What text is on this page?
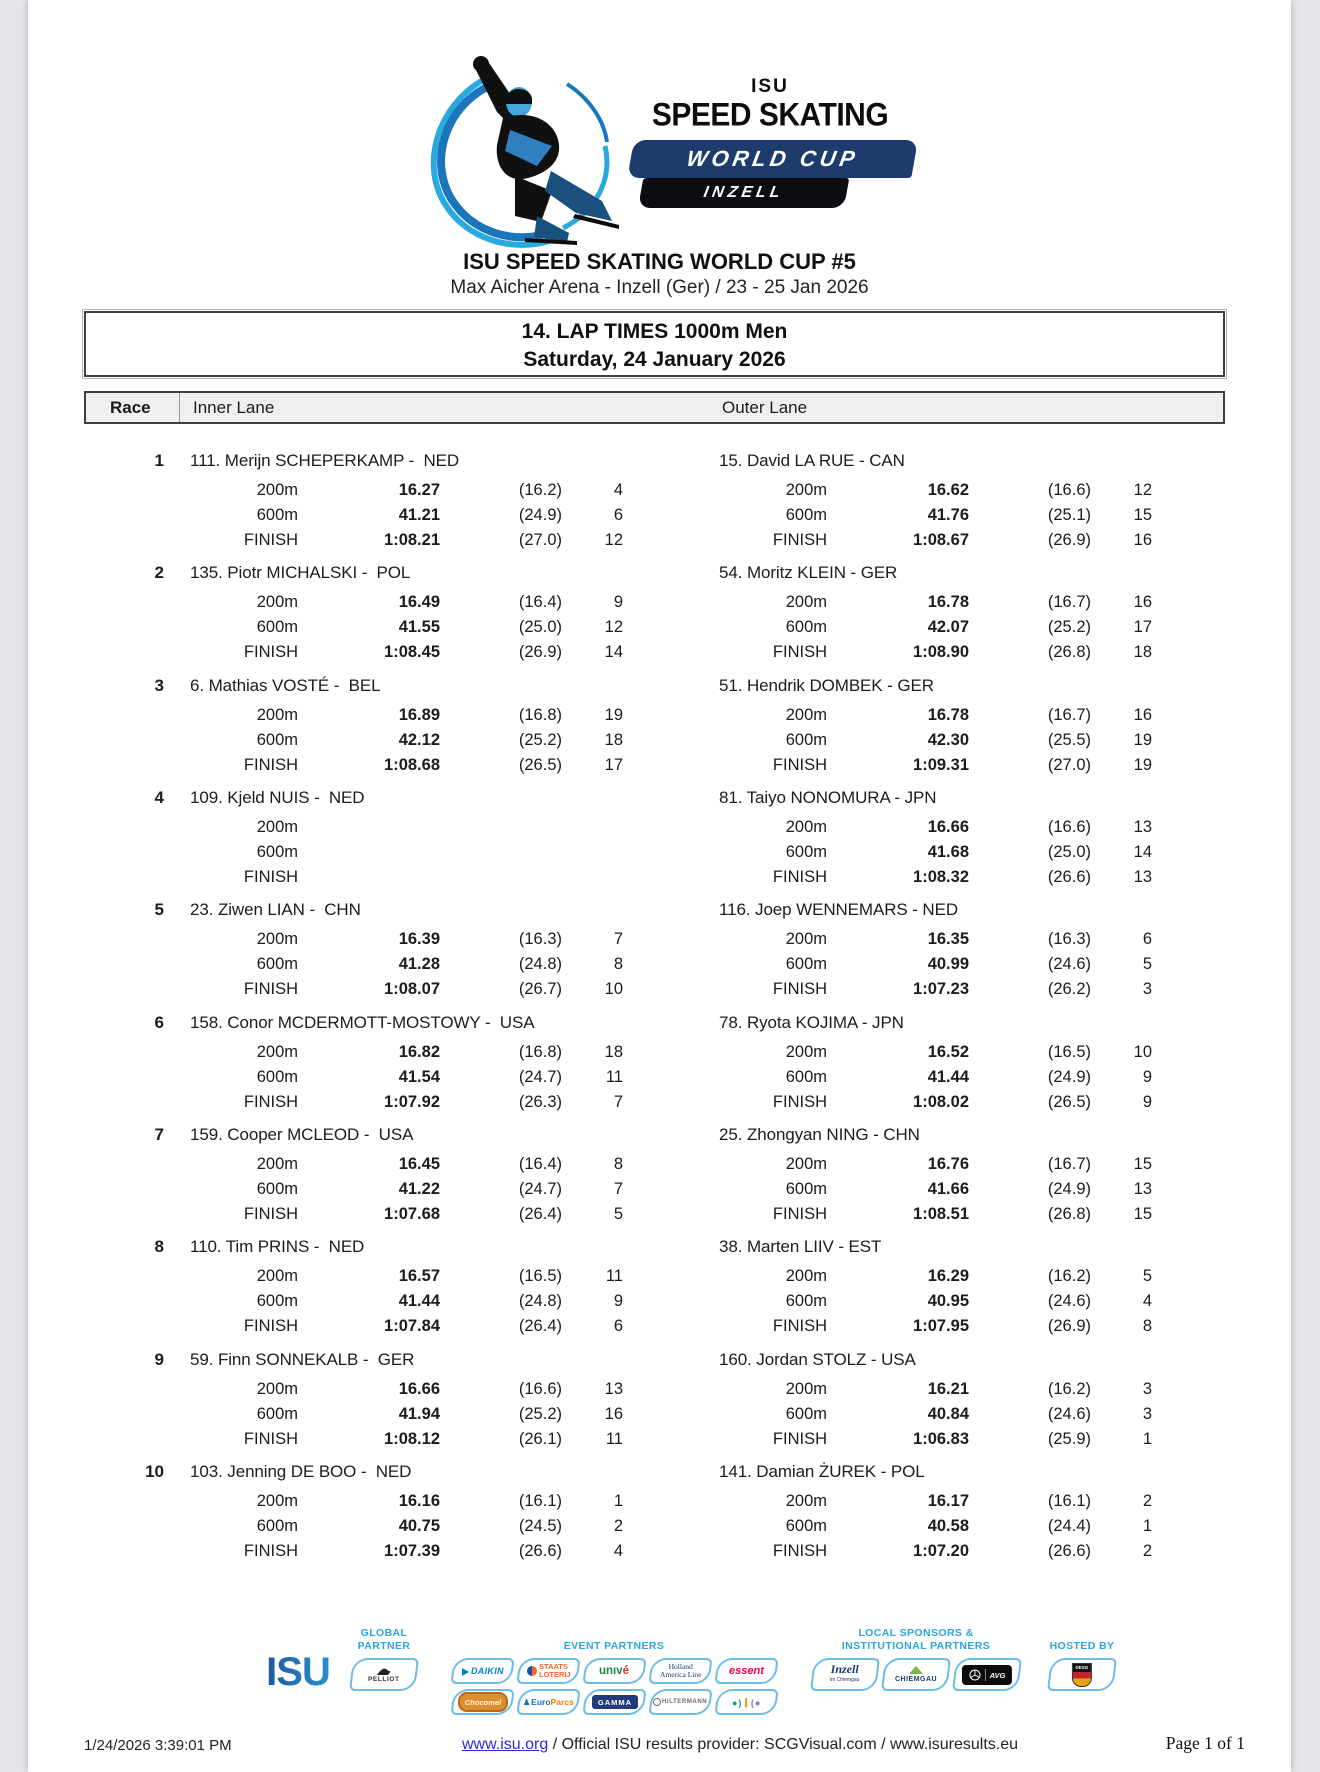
ISU
SPEED SKATING
WORLD CUP
INZELL
ISU SPEED SKATING WORLD CUP #5
Max Aicher Arena - Inzell (Ger) / 23 - 25 Jan 2026
14. LAP TIMES 1000m Men
Saturday, 24 January 2026
Race Inner Lane	Outer Lane
1 111. Merijn SCHEPERKAMP -  NED
200m	16.27	(16.2)	4
600m	41.21	(24.9)	6
FINISH	1:08.21	(27.0)	12
15. David LA RUE - CAN
200m	16.62	(16.6)	12
600m	41.76	(25.1)	15
FINISH	1:08.67	(26.9)	16
2 135. Piotr MICHALSKI -  POL
200m	16.49	(16.4)	9
600m	41.55	(25.0)	12
FINISH	1:08.45	(26.9)	14
54. Moritz KLEIN - GER
200m	16.78	(16.7)	16
600m	42.07	(25.2)	17
FINISH	1:08.90	(26.8)	18
3 6. Mathias VOSTÉ -  BEL
200m	16.89	(16.8)	19
600m	42.12	(25.2)	18
FINISH	1:08.68	(26.5)	17
51. Hendrik DOMBEK - GER
200m	16.78	(16.7)	16
600m	42.30	(25.5)	19
FINISH	1:09.31	(27.0)	19
4 109. Kjeld NUIS -  NED
200m
600m
FINISH
81. Taiyo NONOMURA - JPN
200m	16.66	(16.6)	13
600m	41.68	(25.0)	14
FINISH	1:08.32	(26.6)	13
5 23. Ziwen LIAN -  CHN
200m	16.39	(16.3)	7
600m	41.28	(24.8)	8
FINISH	1:08.07	(26.7)	10
116. Joep WENNEMARS - NED
200m	16.35	(16.3)	6
600m	40.99	(24.6)	5
FINISH	1:07.23	(26.2)	3
6 158. Conor MCDERMOTT-MOSTOWY -  USA
200m	16.82	(16.8)	18
600m	41.54	(24.7)	11
FINISH	1:07.92	(26.3)	7
78. Ryota KOJIMA - JPN
200m	16.52	(16.5)	10
600m	41.44	(24.9)	9
FINISH	1:08.02	(26.5)	9
7 159. Cooper MCLEOD -  USA
200m	16.45	(16.4)	8
600m	41.22	(24.7)	7
FINISH	1:07.68	(26.4)	5
25. Zhongyan NING - CHN
200m	16.76	(16.7)	15
600m	41.66	(24.9)	13
FINISH	1:08.51	(26.8)	15
8 110. Tim PRINS -  NED
200m	16.57	(16.5)	11
600m	41.44	(24.8)	9
FINISH	1:07.84	(26.4)	6
38. Marten LIIV - EST
200m	16.29	(16.2)	5
600m	40.95	(24.6)	4
FINISH	1:07.95	(26.9)	8
9 59. Finn SONNEKALB -  GER
200m	16.66	(16.6)	13
600m	41.94	(25.2)	16
FINISH	1:08.12	(26.1)	11
160. Jordan STOLZ - USA
200m	16.21	(16.2)	3
600m	40.84	(24.6)	3
FINISH	1:06.83	(25.9)	1
10 103. Jenning DE BOO -  NED
200m	16.16	(16.1)	1
600m	40.75	(24.5)	2
FINISH	1:07.39	(26.6)	4
141. Damian ŻUREK - POL
200m	16.17	(16.1)	2
600m	40.58	(24.4)	1
FINISH	1:07.20	(26.6)	2
ISU
GLOBAL
PARTNER
PELLIOT
EVENT PARTNERS
DAIKIN	STAATS
LOTERIJ	unıvé	Holland
America Line	essent
Chocomel	♟EuroParcs	GAMMA	HILTERMANN	● ) ❙ ( ●
LOCAL SPONSORS &
INSTITUTIONAL PARTNERS
Inzell
im Chiemgau	CHIEMGAU
AVG
HOSTED BY
DESG
1/24/2026 3:39:01 PM	www.isu.org / Official ISU results provider: SCGVisual.com / www.isuresults.eu	Page 1 of 1
